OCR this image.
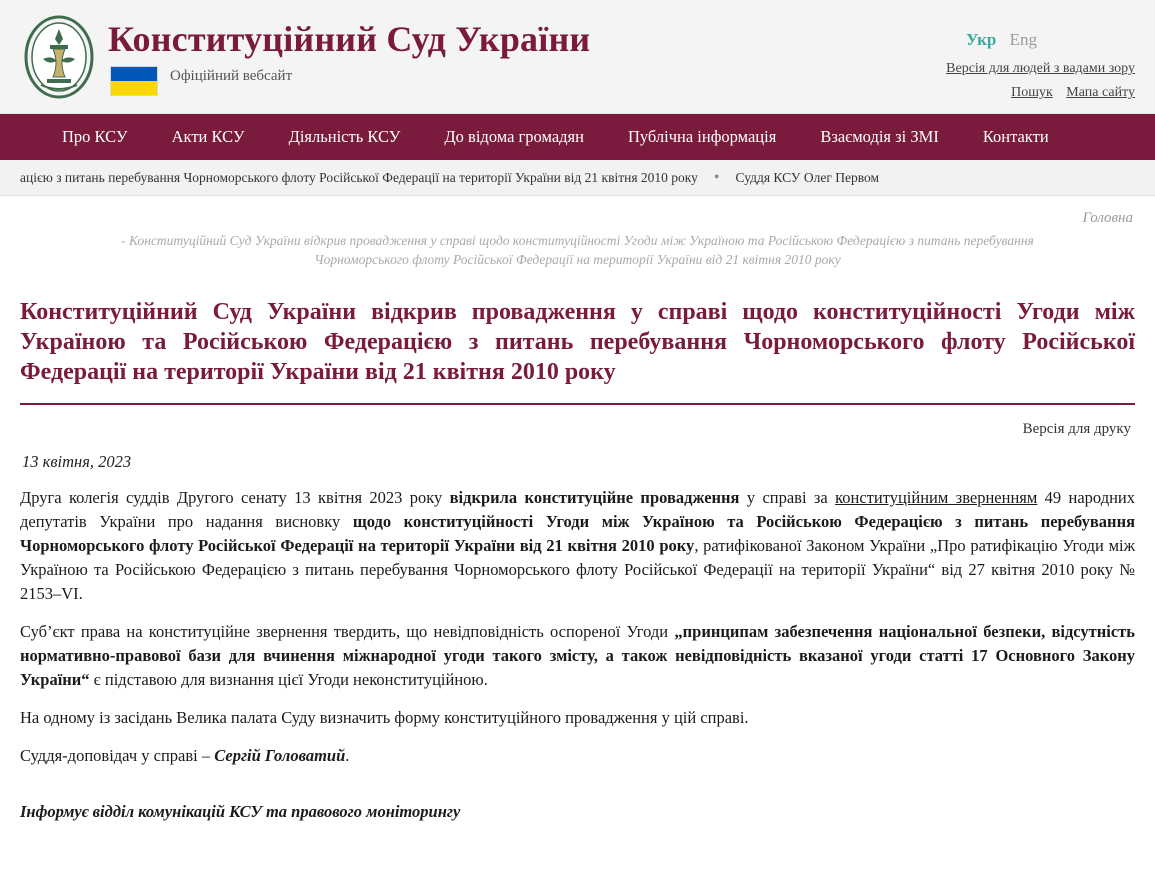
Конституційний Суд України
Офіційний вебсайт
Укр Eng
Версія для людей з вадами зору
Пошук Мапа сайту
Про КСУ	Акти КСУ	Діяльність КСУ	До відома громадян	Публічна інформація	Взаємодія зі ЗМІ	Контакти
ацією з питань перебування Чорноморського флоту Російської Федерації на території України від 21 квітня 2010 року • Суддя КСУ Олег Первом
Головна
- Конституційний Суд України відкрив провадження у справі щодо конституційності Угоди між Україною та Російською Федерацією з питань перебування Чорноморського флоту Російської Федерації на території України від 21 квітня 2010 року
Конституційний Суд України відкрив провадження у справі щодо конституційності Угоди між Україною та Російською Федерацією з питань перебування Чорноморського флоту Російської Федерації на території України від 21 квітня 2010 року
Версія для друку
13 квітня, 2023

Друга колегія суддів Другого сенату 13 квітня 2023 року відкрила конституційне провадження у справі за конституційним зверненням 49 народних депутатів України про надання висновку щодо конституційності Угоди між Україною та Російською Федерацією з питань перебування Чорноморського флоту Російської Федерації на території України від 21 квітня 2010 року, ратифікованої Законом України „Про ратифікацію Угоди між Україною та Російською Федерацією з питань перебування Чорноморського флоту Російської Федерації на території України“ від 27 квітня 2010 року № 2153–VI.

Суб’єкт права на конституційне звернення твердить, що невідповідність оспореної Угоди „принципам забезпечення національної безпеки, відсутність нормативно-правової бази для вчинення міжнародної угоди такого змісту, а також невідповідність вказаної угоди статті 17 Основного Закону України“ є підставою для визнання цієї Угоди неконституційною.

На одному із засідань Велика палата Суду визначить форму конституційного провадження у цій справі.

Суддя-доповідач у справі – Сергій Головатий.

Інформує відділ комунікацій КСУ та правового моніторингу
